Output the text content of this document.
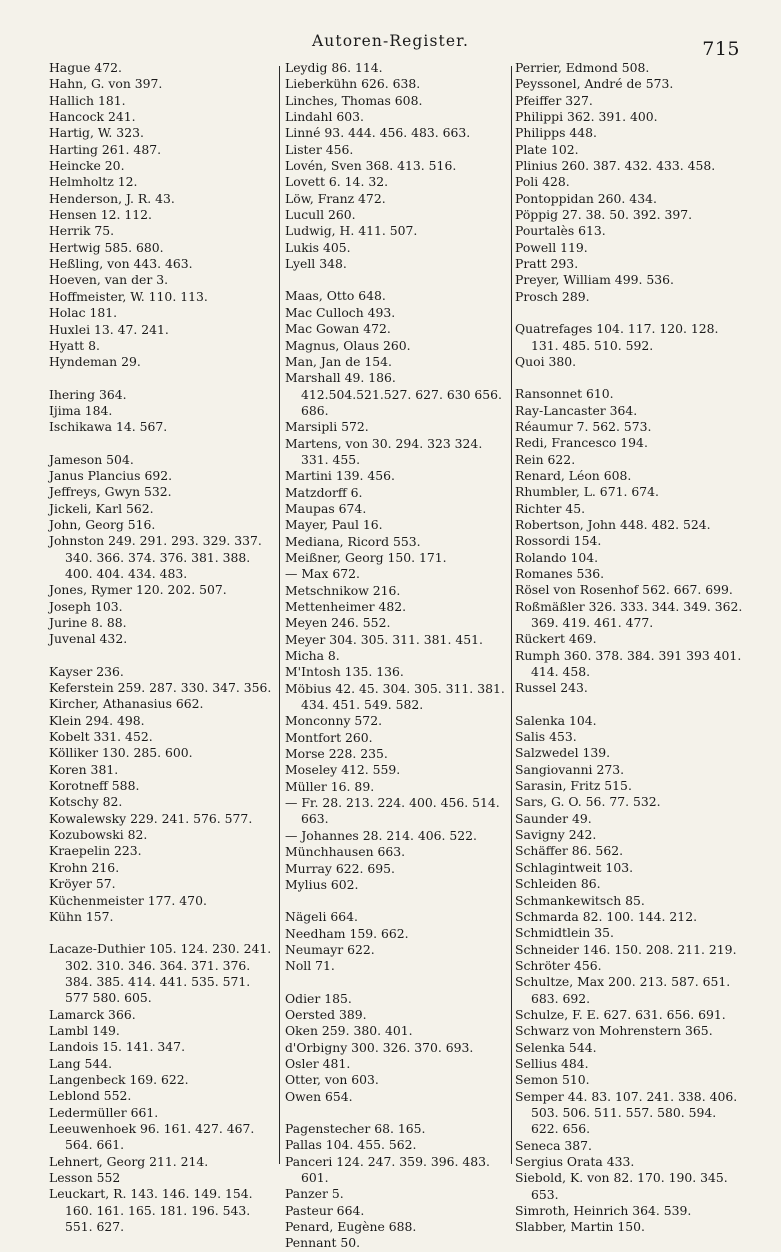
Autoren-Register.	715
Hague 472.
Hahn, G. von 397.
Hallich 181.
Hancock 241.
Hartig, W. 323.
Harting 261. 487.
Heincke 20.
Helmholtz 12.
Henderson, J. R. 43.
Hensen 12. 112.
Herrik 75.
Hertwig 585. 680.
Heßling, von 443. 463.
Hoeven, van der 3.
Hoffmeister, W. 110. 113.
Holac 181.
Huxlei 13. 47. 241.
Hyatt 8.
Hyndeman 29.
Ihering 364.
Ijima 184.
Ischikawa 14. 567.
Jameson 504.
Janus Plancius 692.
Jeffreys, Gwyn 532.
Jickeli, Karl 562.
John, Georg 516.
Johnston 249. 291. 293. 329. 337. 340. 366. 374. 376. 381. 388. 400. 404. 434. 483.
Jones, Rymer 120. 202. 507.
Joseph 103.
Jurine 8. 88.
Juvenal 432.
Kayser 236.
Keferstein 259. 287. 330. 347. 356.
Kircher, Athanasius 662.
Klein 294. 498.
Kobelt 331. 452.
Kölliker 130. 285. 600.
Koren 381.
Korotneff 588.
Kotschy 82.
Kowalewsky 229. 241. 576. 577.
Kozubowski 82.
Kraepelin 223.
Krohn 216.
Kröyer 57.
Küchenmeister 177. 470.
Kühn 157.
Lacaze-Duthier 105. 124. 230. 241. 302. 310. 346. 364. 371. 376. 384. 385. 414. 441. 535. 571. 577 580. 605.
Lamarck 366.
Lambl 149.
Landois 15. 141. 347.
Lang 544.
Langenbeck 169. 622.
Leblond 552.
Ledermüller 661.
Leeuwenhoek 96. 161. 427. 467. 564. 661.
Lehnert, Georg 211. 214.
Lesson 552
Leuckart, R. 143. 146. 149. 154. 160. 161. 165. 181. 196. 543. 551. 627.
Leydig 86. 114.
Lieberkühn 626. 638.
Linches, Thomas 608.
Lindahl 603.
Linné 93. 444. 456. 483. 663.
Lister 456.
Lovén, Sven 368. 413. 516.
Lovett 6. 14. 32.
Löw, Franz 472.
Lucull 260.
Ludwig, H. 411. 507.
Lukis 405.
Lyell 348.
Maas, Otto 648.
Mac Culloch 493.
Mac Gowan 472.
Magnus, Olaus 260.
Man, Jan de 154.
Marshall 49. 186. 412.504.521.527. 627. 630 656. 686.
Marsipli 572.
Martens, von 30. 294. 323 324. 331. 455.
Martini 139. 456.
Matzdorff 6.
Maupas 674.
Mayer, Paul 16.
Mediana, Ricord 553.
Meißner, Georg 150. 171.
— Max 672.
Metschnikow 216.
Mettenheimer 482.
Meyen 246. 552.
Meyer 304. 305. 311. 381. 451.
Micha 8.
M'Intosh 135. 136.
Möbius 42. 45. 304. 305. 311. 381. 434. 451. 549. 582.
Monconny 572.
Montfort 260.
Morse 228. 235.
Moseley 412. 559.
Müller 16. 89.
— Fr. 28. 213. 224. 400. 456. 514. 663.
— Johannes 28. 214. 406. 522.
Münchhausen 663.
Murray 622. 695.
Mylius 602.
Nägeli 664.
Needham 159. 662.
Neumayr 622.
Noll 71.
Odier 185.
Oersted 389.
Oken 259. 380. 401.
d'Orbigny 300. 326. 370. 693.
Osler 481.
Otter, von 603.
Owen 654.
Pagenstecher 68. 165.
Pallas 104. 455. 562.
Panceri 124. 247. 359. 396. 483. 601.
Panzer 5.
Pasteur 664.
Penard, Eugène 688.
Pennant 50.
Perrier, Edmond 508.
Peyssonel, André de 573.
Pfeiffer 327.
Philippi 362. 391. 400.
Philipps 448.
Plate 102.
Plinius 260. 387. 432. 433. 458.
Poli 428.
Pontoppidan 260. 434.
Pöppig 27. 38. 50. 392. 397.
Pourtalès 613.
Powell 119.
Pratt 293.
Preyer, William 499. 536.
Prosch 289.
Quatrefages 104. 117. 120. 128. 131. 485. 510. 592.
Quoi 380.
Ransonnet 610.
Ray-Lancaster 364.
Réaumur 7. 562. 573.
Redi, Francesco 194.
Rein 622.
Renard, Léon 608.
Rhumbler, L. 671. 674.
Richter 45.
Robertson, John 448. 482. 524.
Rossordi 154.
Rolando 104.
Romanes 536.
Rösel von Rosenhof 562. 667. 699.
Roßmäßler 326. 333. 344. 349. 362. 369. 419. 461. 477.
Rückert 469.
Rumph 360. 378. 384. 391 393 401. 414. 458.
Russel 243.
Salenka 104.
Salis 453.
Salzwedel 139.
Sangiovanni 273.
Sarasin, Fritz 515.
Sars, G. O. 56. 77. 532.
Saunder 49.
Savigny 242.
Schäffer 86. 562.
Schlagintweit 103.
Schleiden 86.
Schmankewitsch 85.
Schmarda 82. 100. 144. 212.
Schmidtlein 35.
Schneider 146. 150. 208. 211. 219.
Schröter 456.
Schultze, Max 200. 213. 587. 651. 683. 692.
Schulze, F. E. 627. 631. 656. 691.
Schwarz von Mohrenstern 365.
Selenka 544.
Sellius 484.
Semon 510.
Semper 44. 83. 107. 241. 338. 406. 503. 506. 511. 557. 580. 594. 622. 656.
Seneca 387.
Sergius Orata 433.
Siebold, K. von 82. 170. 190. 345. 653.
Simroth, Heinrich 364. 539.
Slabber, Martin 150.
